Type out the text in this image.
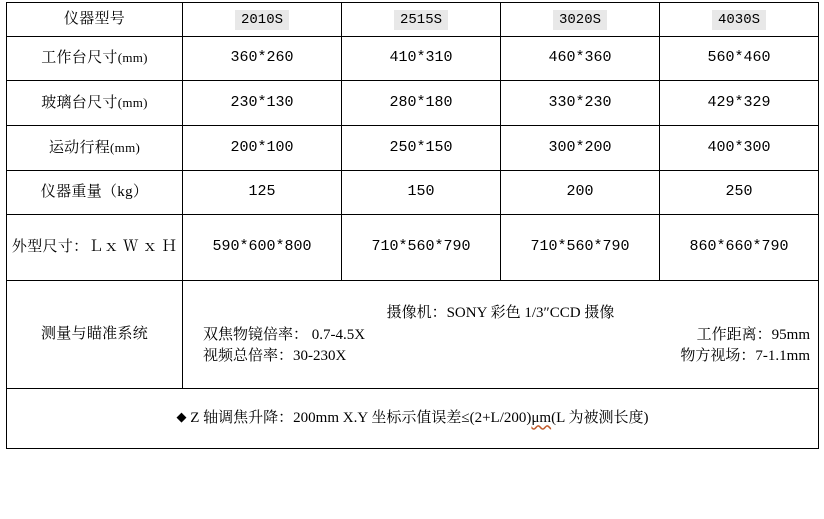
仪器型号	2010S	2515S	3020S	4030S
工作台尺寸(mm)	360*260	410*310	460*360	560*460
玻璃台尺寸(mm)	230*130	280*180	330*230	429*329
运动行程(mm)	200*100	250*150	300*200	400*300
仪器重量（kg）	125	150	200	250
外型尺寸：Ｌｘ Ｗ ｘ Ｈ	590*600*800	710*560*790	710*560*790	860*660*790
测量与瞄准系统	摄像机：SONY 彩色 1/3″CCD 摄像
双焦物镜倍率： 0.7-4.5X 工作距离：95mm
视频总倍率：30-230X 物方视场：7-1.1mm			

◆ Z 轴调焦升降：200mm X.Y 坐标示值误差≤(2+L/200)μm(L 为被测长度)				
